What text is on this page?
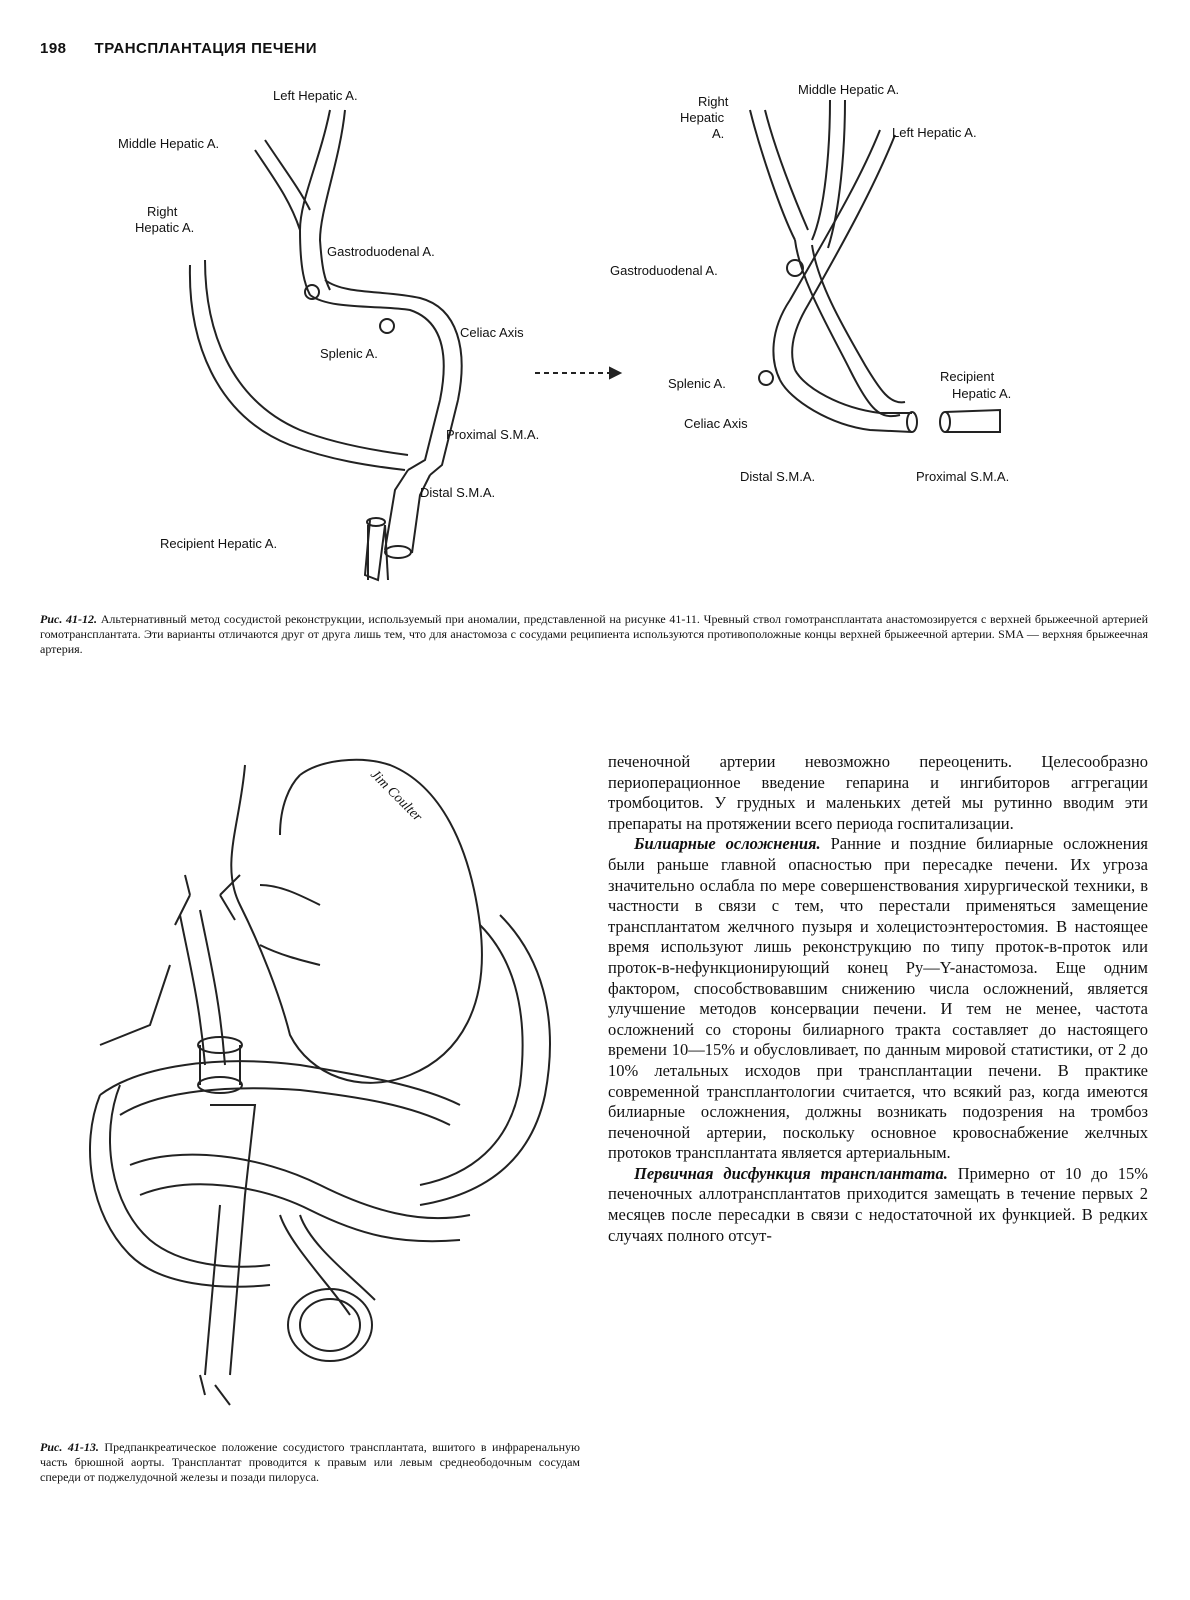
198 ТРАНСПЛАНТАЦИЯ ПЕЧЕНИ
Left Hepatic A.
Middle Hepatic A.
Right
Hepatic A.
Gastroduodenal A.
Celiac Axis
Splenic A.
Proximal S.M.A.
Distal S.M.A.
Recipient Hepatic A.
Right
Hepatic
A.
Middle Hepatic A.
Left Hepatic A.
Gastroduodenal A.
Splenic A.	Recipient
Hepatic A.
Celiac Axis
Distal S.M.A.	Proximal S.M.A.
Рис. 41-12. Альтернативный метод сосудистой реконструкции, используемый при аномалии, представленной на рисунке 41-11. Чревный ствол гомотрансплантата анастомозируется с верхней брыжеечной артерией гомотрансплантата. Эти варианты отличаются друг от друга лишь тем, что для анастомоза с сосудами реципиента используются противоположные концы верхней брыжеечной артерии. SMA — верхняя брыжеечная артерия.
Jim Coulter
Рис. 41-13. Предпанкреатическое положение сосудистого трансплантата, вшитого в инфраренальную часть брюшной аорты. Трансплантат проводится к правым или левым среднеободочным сосудам спереди от поджелудочной железы и позади пилоруса.

печеночной артерии невозможно переоценить. Целесообразно периоперационное введение гепарина и ингибиторов аггрегации тромбоцитов. У грудных и маленьких детей мы рутинно вводим эти препараты на протяжении всего периода госпитализации.

Билиарные осложнения. Ранние и поздние билиарные осложнения были раньше главной опасностью при пересадке печени. Их угроза значительно ослабла по мере совершенствования хирургической техники, в частности в связи с тем, что перестали применяться замещение трансплантатом желчного пузыря и холецистоэнтеростомия. В настоящее время используют лишь реконструкцию по типу проток-в-проток или проток-в-нефункционирующий конец Ру—Y-анастомоза. Еще одним фактором, способствовавшим снижению числа осложнений, является улучшение методов консервации печени. И тем не менее, частота осложнений со стороны билиарного тракта составляет до настоящего времени 10—15% и обусловливает, по данным мировой статистики, от 2 до 10% летальных исходов при трансплантации печени. В практике современной трансплантологии считается, что всякий раз, когда имеются билиарные осложнения, должны возникать подозрения на тромбоз печеночной артерии, поскольку основное кровоснабжение желчных протоков трансплантата является артериальным.

Первичная дисфункция трансплантата. Примерно от 10 до 15% печеночных аллотрансплантатов приходится замещать в течение первых 2 месяцев после пересадки в связи с недостаточной их функцией. В редких случаях полного отсут-
